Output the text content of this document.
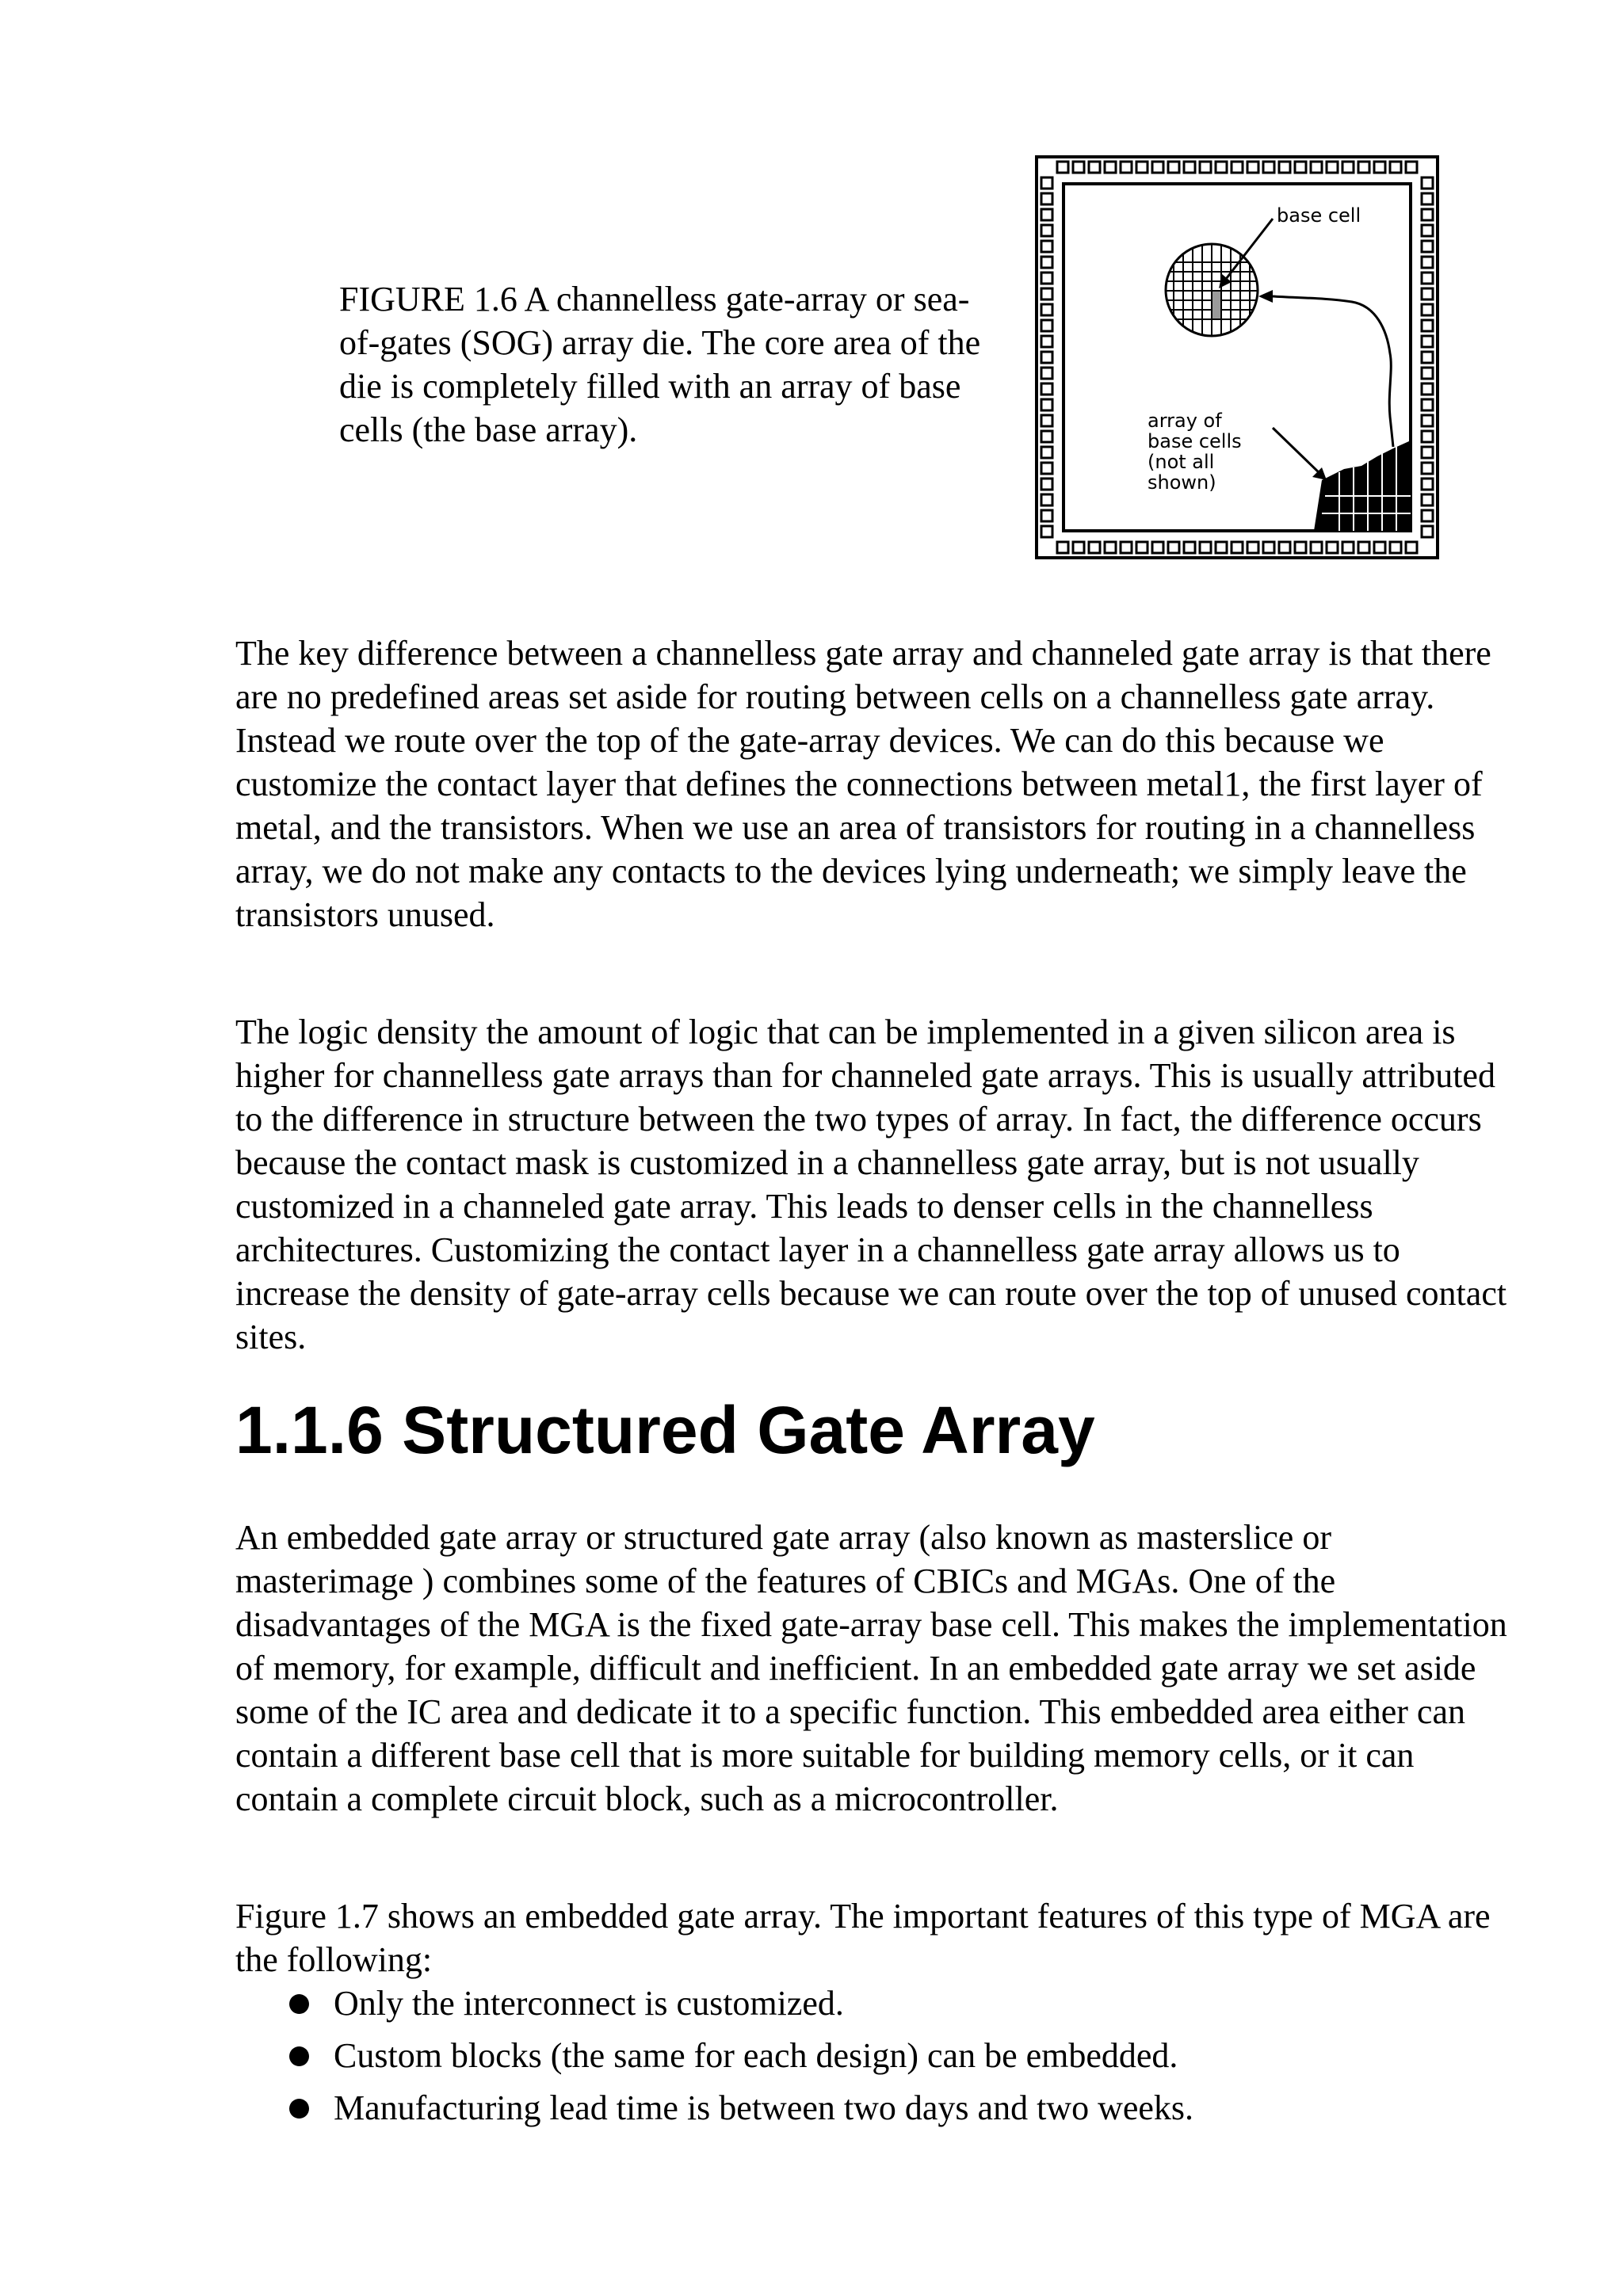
FIGURE 1.6 A channelless gate-array or sea-of-gates (SOG) array die. The core area of the die is completely filled with an array of base cells (the base array).
base cell
array of
base cells
(not all
shown)

The key difference between a channelless gate array and channeled gate array is that there are no predefined areas set aside for routing between cells on a channelless gate array. Instead we route over the top of the gate-array devices. We can do this because we customize the contact layer that defines the connections between metal1, the first layer of metal, and the transistors. When we use an area of transistors for routing in a channelless array, we do not make any contacts to the devices lying underneath; we simply leave the transistors unused.

The logic density the amount of logic that can be implemented in a given silicon area is higher for channelless gate arrays than for channeled gate arrays. This is usually attributed to the difference in structure between the two types of array. In fact, the difference occurs because the contact mask is customized in a channelless gate array, but is not usually customized in a channeled gate array. This leads to denser cells in the channelless architectures. Customizing the contact layer in a channelless gate array allows us to increase the density of gate-array cells because we can route over the top of unused contact sites.

1.1.6 Structured Gate Array

An embedded gate array or structured gate array (also known as masterslice or masterimage ) combines some of the features of CBICs and MGAs. One of the disadvantages of the MGA is the fixed gate-array base cell. This makes the implementation of memory, for example, difficult and inefficient. In an embedded gate array we set aside some of the IC area and dedicate it to a specific function. This embedded area either can contain a different base cell that is more suitable for building memory cells, or it can contain a complete circuit block, such as a microcontroller.

Figure 1.7 shows an embedded gate array. The important features of this type of MGA are the following:

Only the interconnect is customized.
Custom blocks (the same for each design) can be embedded.
Manufacturing lead time is between two days and two weeks.
